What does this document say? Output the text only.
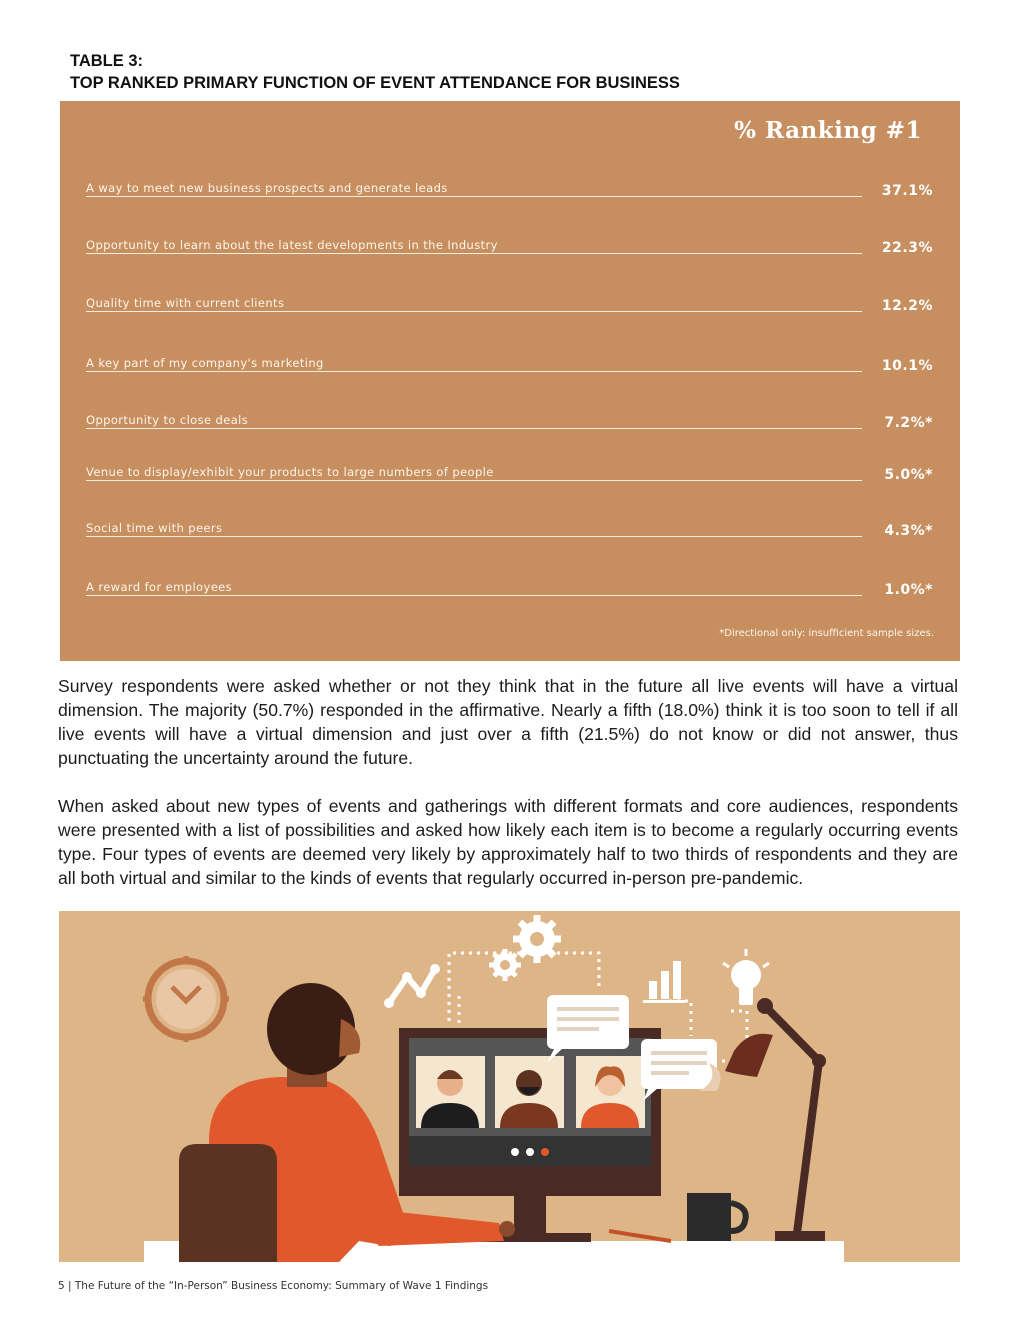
TABLE 3:
TOP RANKED PRIMARY FUNCTION OF EVENT ATTENDANCE FOR BUSINESS
% Ranking #1
A way to meet new business prospects and generate leads	37.1%
Opportunity to learn about the latest developments in the Industry	22.3%
Quality time with current clients	12.2%
A key part of my company's marketing	10.1%
Opportunity to close deals	7.2%*
Venue to display/exhibit your products to large numbers of people	5.0%*
Social time with peers	4.3%*
A reward for employees	1.0%*
*Directional only: insufficient sample sizes.

Survey respondents were asked whether or not they think that in the future all live events will have a virtual dimension. The majority (50.7%) responded in the affirmative. Nearly a fifth (18.0%) think it is too soon to tell if all live events will have a virtual dimension and just over a fifth (21.5%) do not know or did not answer, thus punctuating the uncertainty around the future.

When asked about new types of events and gatherings with different formats and core audiences, respondents were presented with a list of possibilities and asked how likely each item is to become a regularly occurring events type. Four types of events are deemed very likely by approximately half to two thirds of respondents and they are all both virtual and similar to the kinds of events that regularly occurred in-person pre-pandemic.

5 | The Future of the “In-Person” Business Economy: Summary of Wave 1 Findings
